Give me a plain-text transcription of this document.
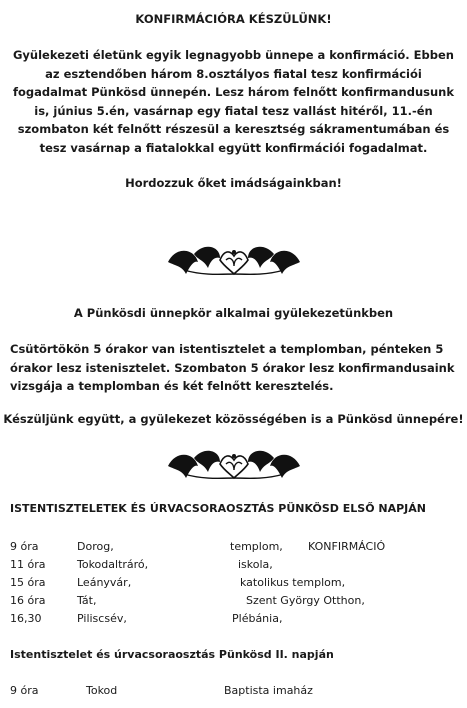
KONFIRMÁCIÓRA KÉSZÜLÜNK!
Gyülekezeti életünk egyik legnagyobb ünnepe a konfirmáció. Ebben az esztendőben három 8.osztályos fiatal tesz konfirmációi fogadalmat Pünkösd ünnepén. Lesz három felnőtt konfirmandusunk is, június 5.én, vasárnap egy fiatal tesz vallást hitéről, 11.-én szombaton két felnőtt részesül a keresztség sákramentumában és tesz vasárnap a fiatalokkal együtt konfirmációi fogadalmat.
Hordozzuk őket imádságainkban!
A Pünkösdi ünnepkör alkalmai gyülekezetünkben
Csütörtökön 5 órakor van istentisztelet a templomban, pénteken 5 órakor lesz istenisztelet. Szombaton 5 órakor lesz konfirmandusaink vizsgája a templomban és két felnőtt keresztelés.
Készüljünk együtt, a gyülekezet közösségében is a Pünkösd ünnepére!
ISTENTISZTELETEK ÉS ÚRVACSORAOSZTÁS PÜNKÖSD ELSŐ NAPJÁN
9 óra	Dorog,	templom, KONFIRMÁCIÓ
11 óra	Tokodaltráró,	iskola,
15 óra	Leányvár,	katolikus templom,
16 óra	Tát,	Szent György Otthon,
16,30	Piliscsév,	Plébánia,
Istentisztelet és úrvacsoraosztás Pünkösd II. napján
9 óra	Tokod	Baptista imaház
